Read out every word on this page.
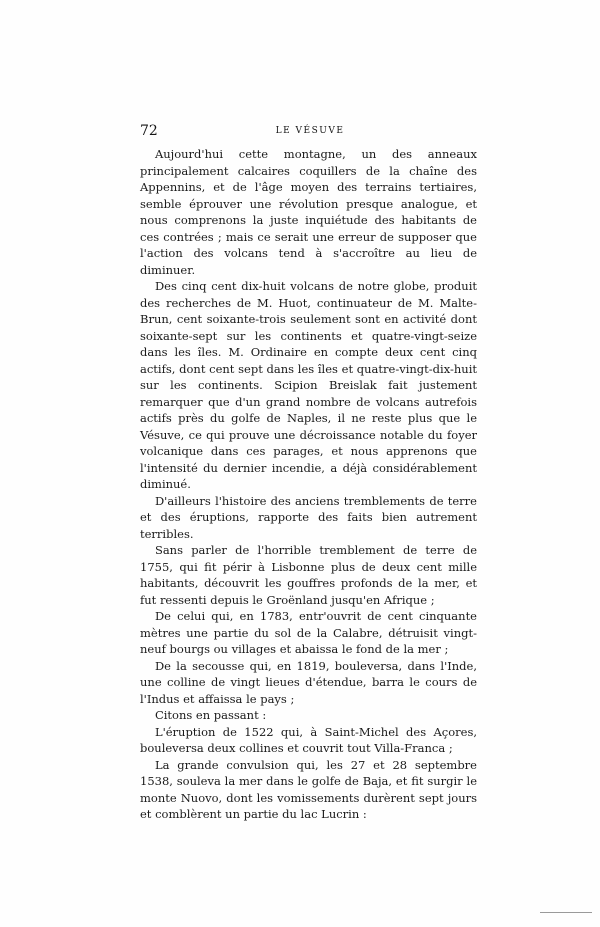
72	LE VÉSUVE

Aujourd'hui cette montagne, un des anneaux principalement calcaires coquillers de la chaîne des Appennins, et de l'âge moyen des terrains tertiaires, semble éprouver une révolution presque analogue, et nous comprenons la juste inquiétude des habitants de ces contrées ; mais ce serait une erreur de supposer que l'action des volcans tend à s'accroître au lieu de diminuer.

Des cinq cent dix-huit volcans de notre globe, produit des recherches de M. Huot, continuateur de M. Malte-Brun, cent soixante-trois seulement sont en activité dont soixante-sept sur les continents et quatre-vingt-seize dans les îles. M. Ordinaire en compte deux cent cinq actifs, dont cent sept dans les îles et quatre-vingt-dix-huit sur les continents. Scipion Breislak fait justement remarquer que d'un grand nombre de volcans autrefois actifs près du golfe de Naples, il ne reste plus que le Vésuve, ce qui prouve une décroissance notable du foyer volcanique dans ces parages, et nous apprenons que l'intensité du dernier incendie, a déjà considérablement diminué.

D'ailleurs l'histoire des anciens tremblements de terre et des éruptions, rapporte des faits bien autrement terribles.

Sans parler de l'horrible tremblement de terre de 1755, qui fit périr à Lisbonne plus de deux cent mille habitants, découvrit les gouffres profonds de la mer, et fut ressenti depuis le Groënland jusqu'en Afrique ;

De celui qui, en 1783, entr'ouvrit de cent cinquante mètres une partie du sol de la Calabre, détruisit vingt-neuf bourgs ou villages et abaissa le fond de la mer ;

De la secousse qui, en 1819, bouleversa, dans l'Inde, une colline de vingt lieues d'étendue, barra le cours de l'Indus et affaissa le pays ;

Citons en passant :

L'éruption de 1522 qui, à Saint-Michel des Açores, bouleversa deux collines et couvrit tout Villa-Franca ;

La grande convulsion qui, les 27 et 28 septembre 1538, souleva la mer dans le golfe de Baja, et fit surgir le monte Nuovo, dont les vomissements durèrent sept jours et comblèrent un partie du lac Lucrin :
